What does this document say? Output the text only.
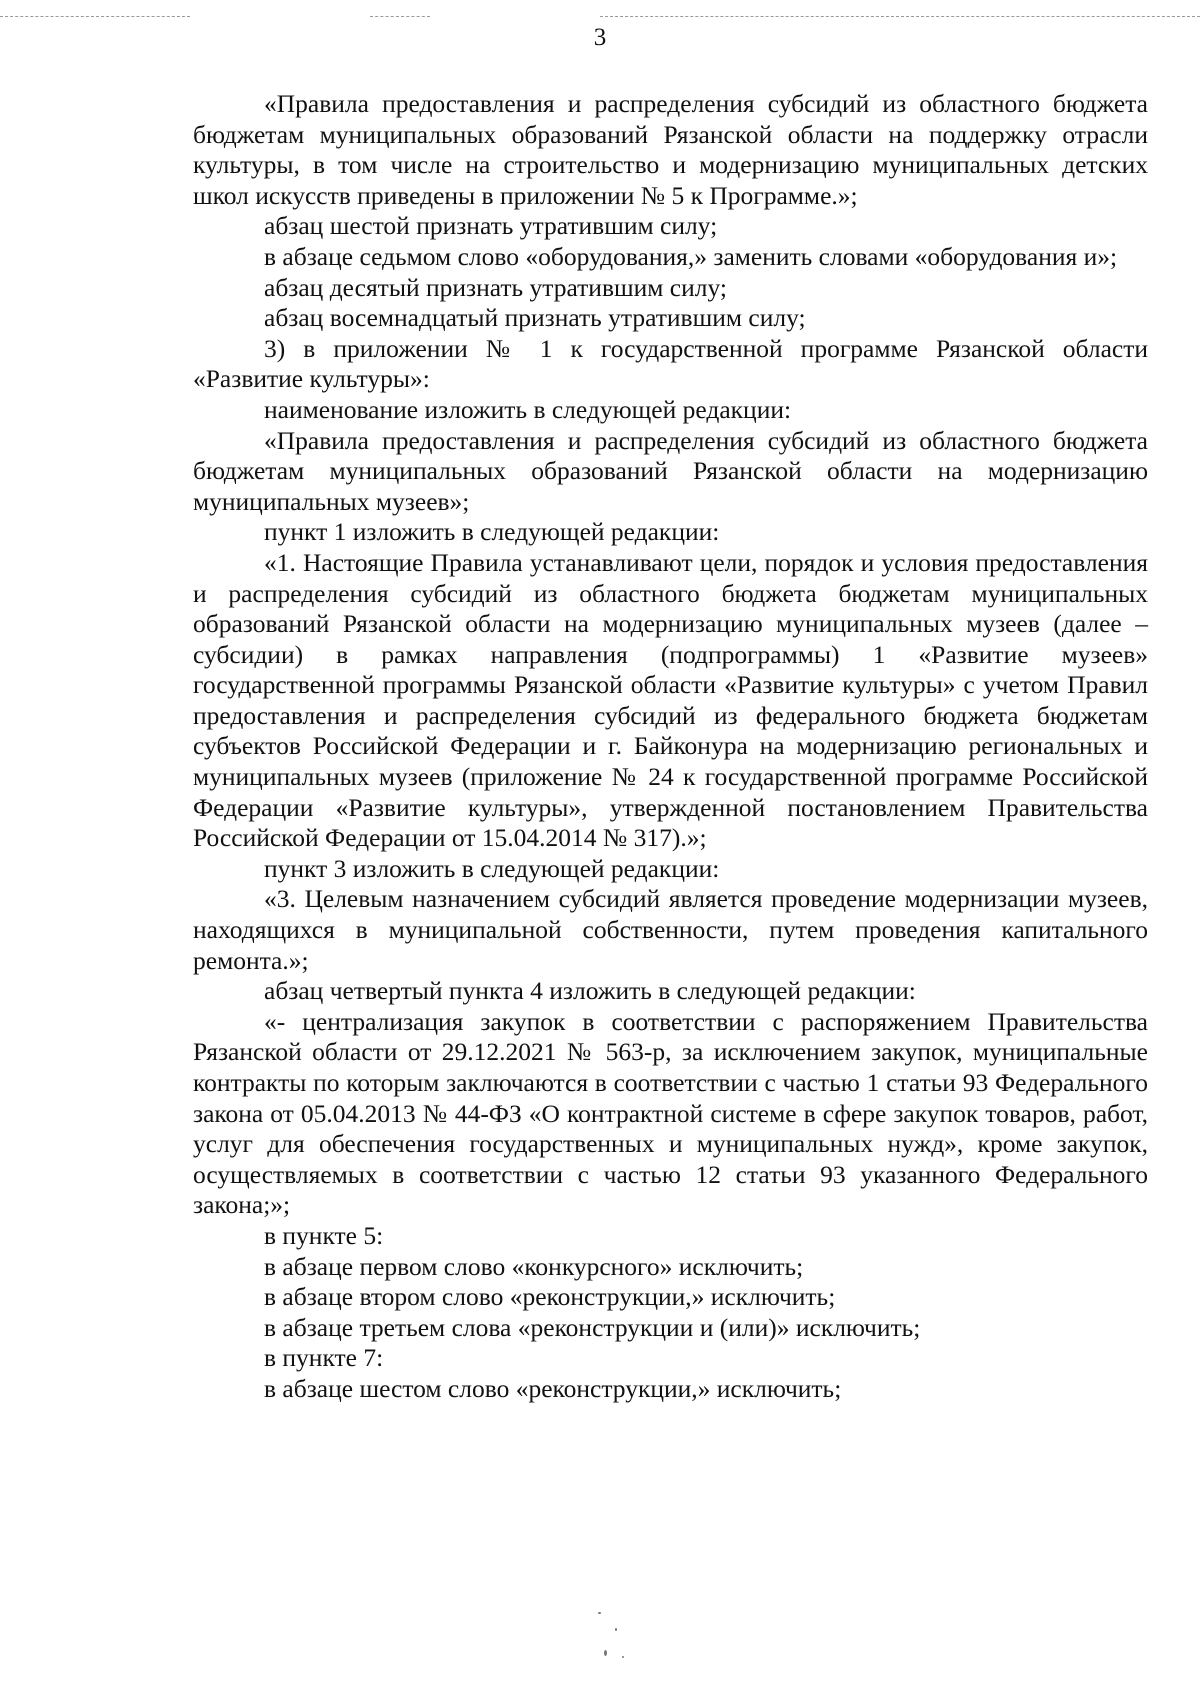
3

«Правила предоставления и распределения субсидий из областного бюджета бюджетам муниципальных образований Рязанской области на поддержку отрасли культуры, в том числе на строительство и модернизацию муниципальных детских школ искусств приведены в приложении № 5 к Программе.»;

абзац шестой признать утратившим силу;

в абзаце седьмом слово «оборудования,» заменить словами «оборудования и»;

абзац десятый признать утратившим силу;

абзац восемнадцатый признать утратившим силу;

3) в приложении № 1 к государственной программе Рязанской области «Развитие культуры»:

наименование изложить в следующей редакции:

«Правила предоставления и распределения субсидий из областного бюджета бюджетам муниципальных образований Рязанской области на модернизацию муниципальных музеев»;

пункт 1 изложить в следующей редакции:

«1. Настоящие Правила устанавливают цели, порядок и условия предоставления и распределения субсидий из областного бюджета бюджетам муниципальных образований Рязанской области на модернизацию муниципальных музеев (далее – субсидии) в рамках направления (подпрограммы) 1 «Развитие музеев» государственной программы Рязанской области «Развитие культуры» с учетом Правил предоставления и распределения субсидий из федерального бюджета бюджетам субъектов Российской Федерации и г. Байконура на модернизацию региональных и муниципальных музеев (приложение № 24 к государственной программе Российской Федерации «Развитие культуры», утвержденной постановлением Правительства Российской Федерации от 15.04.2014 № 317).»;

пункт 3 изложить в следующей редакции:

«3. Целевым назначением субсидий является проведение модернизации музеев, находящихся в муниципальной собственности, путем проведения капитального ремонта.»;

абзац четвертый пункта 4 изложить в следующей редакции:

«- централизация закупок в соответствии с распоряжением Правительства Рязанской области от 29.12.2021 № 563-р, за исключением закупок, муниципальные контракты по которым заключаются в соответствии с частью 1 статьи 93 Федерального закона от 05.04.2013 № 44-ФЗ «О контрактной системе в сфере закупок товаров, работ, услуг для обеспечения государственных и муниципальных нужд», кроме закупок, осуществляемых в соответствии с частью 12 статьи 93 указанного Федерального закона;»;

в пункте 5:

в абзаце первом слово «конкурсного» исключить;

в абзаце втором слово «реконструкции,» исключить;

в абзаце третьем слова «реконструкции и (или)» исключить;

в пункте 7:

в абзаце шестом слово «реконструкции,» исключить;
